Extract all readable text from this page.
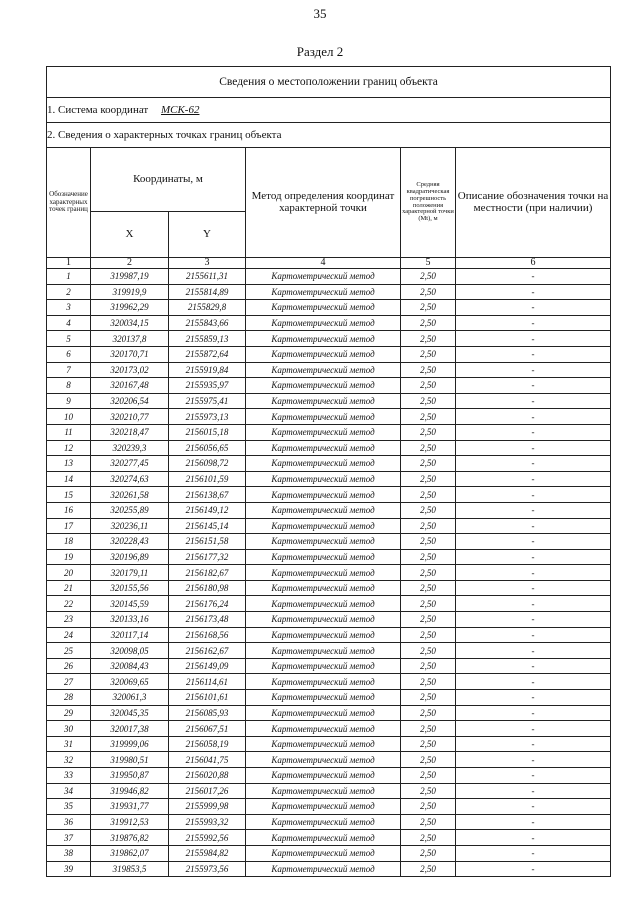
35
Раздел 2
Сведения о местоположении границ объекта					
1. Система координат МСК-62					
2. Сведения о характерных точках границ объекта					
Обозначение характерных точек границ	Координаты, м		Метод определения координат характерной точки	Средняя квадратическая погрешность положения характерной точки (Mt), м	Описание обозначения точки на местности (при наличии)
	X	Y			
1	2	3	4	5	6
1	319987,19	2155611,31	Картометрический метод	2,50	-
2	319919,9	2155814,89	Картометрический метод	2,50	-
3	319962,29	2155829,8	Картометрический метод	2,50	-
4	320034,15	2155843,66	Картометрический метод	2,50	-
5	320137,8	2155859,13	Картометрический метод	2,50	-
6	320170,71	2155872,64	Картометрический метод	2,50	-
7	320173,02	2155919,84	Картометрический метод	2,50	-
8	320167,48	2155935,97	Картометрический метод	2,50	-
9	320206,54	2155975,41	Картометрический метод	2,50	-
10	320210,77	2155973,13	Картометрический метод	2,50	-
11	320218,47	2156015,18	Картометрический метод	2,50	-
12	320239,3	2156056,65	Картометрический метод	2,50	-
13	320277,45	2156098,72	Картометрический метод	2,50	-
14	320274,63	2156101,59	Картометрический метод	2,50	-
15	320261,58	2156138,67	Картометрический метод	2,50	-
16	320255,89	2156149,12	Картометрический метод	2,50	-
17	320236,11	2156145,14	Картометрический метод	2,50	-
18	320228,43	2156151,58	Картометрический метод	2,50	-
19	320196,89	2156177,32	Картометрический метод	2,50	-
20	320179,11	2156182,67	Картометрический метод	2,50	-
21	320155,56	2156180,98	Картометрический метод	2,50	-
22	320145,59	2156176,24	Картометрический метод	2,50	-
23	320133,16	2156173,48	Картометрический метод	2,50	-
24	320117,14	2156168,56	Картометрический метод	2,50	-
25	320098,05	2156162,67	Картометрический метод	2,50	-
26	320084,43	2156149,09	Картометрический метод	2,50	-
27	320069,65	2156114,61	Картометрический метод	2,50	-
28	320061,3	2156101,61	Картометрический метод	2,50	-
29	320045,35	2156085,93	Картометрический метод	2,50	-
30	320017,38	2156067,51	Картометрический метод	2,50	-
31	319999,06	2156058,19	Картометрический метод	2,50	-
32	319980,51	2156041,75	Картометрический метод	2,50	-
33	319950,87	2156020,88	Картометрический метод	2,50	-
34	319946,82	2156017,26	Картометрический метод	2,50	-
35	319931,77	2155999,98	Картометрический метод	2,50	-
36	319912,53	2155993,32	Картометрический метод	2,50	-
37	319876,82	2155992,56	Картометрический метод	2,50	-
38	319862,07	2155984,82	Картометрический метод	2,50	-
39	319853,5	2155973,56	Картометрический метод	2,50	-
